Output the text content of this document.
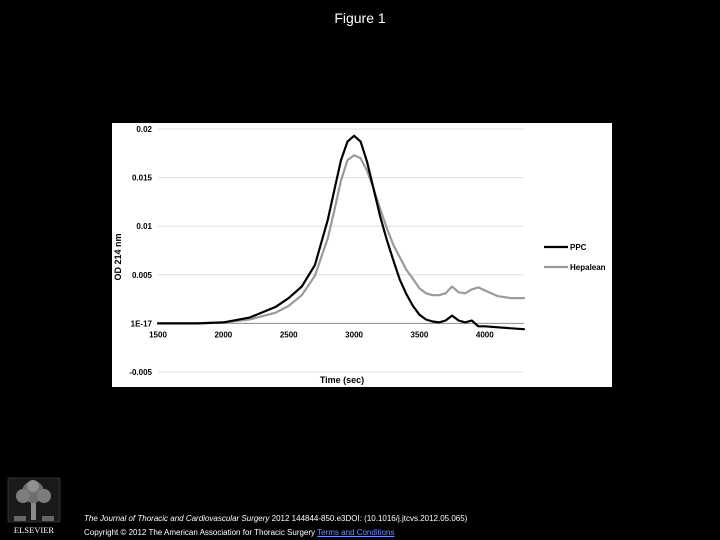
Figure 1
-0.005
1E-17
0.005
0.01
0.015
0.02
1500	2000	2500	3000	3500	4000
Time (sec)
OD 214 nm	PPC
Hepalean
ELSEVIER
The Journal of Thoracic and Cardiovascular Surgery 2012 144844-850.e3DOI: (10.1016/j.jtcvs.2012.05.065)
Copyright © 2012 The American Association for Thoracic Surgery Terms and Conditions
